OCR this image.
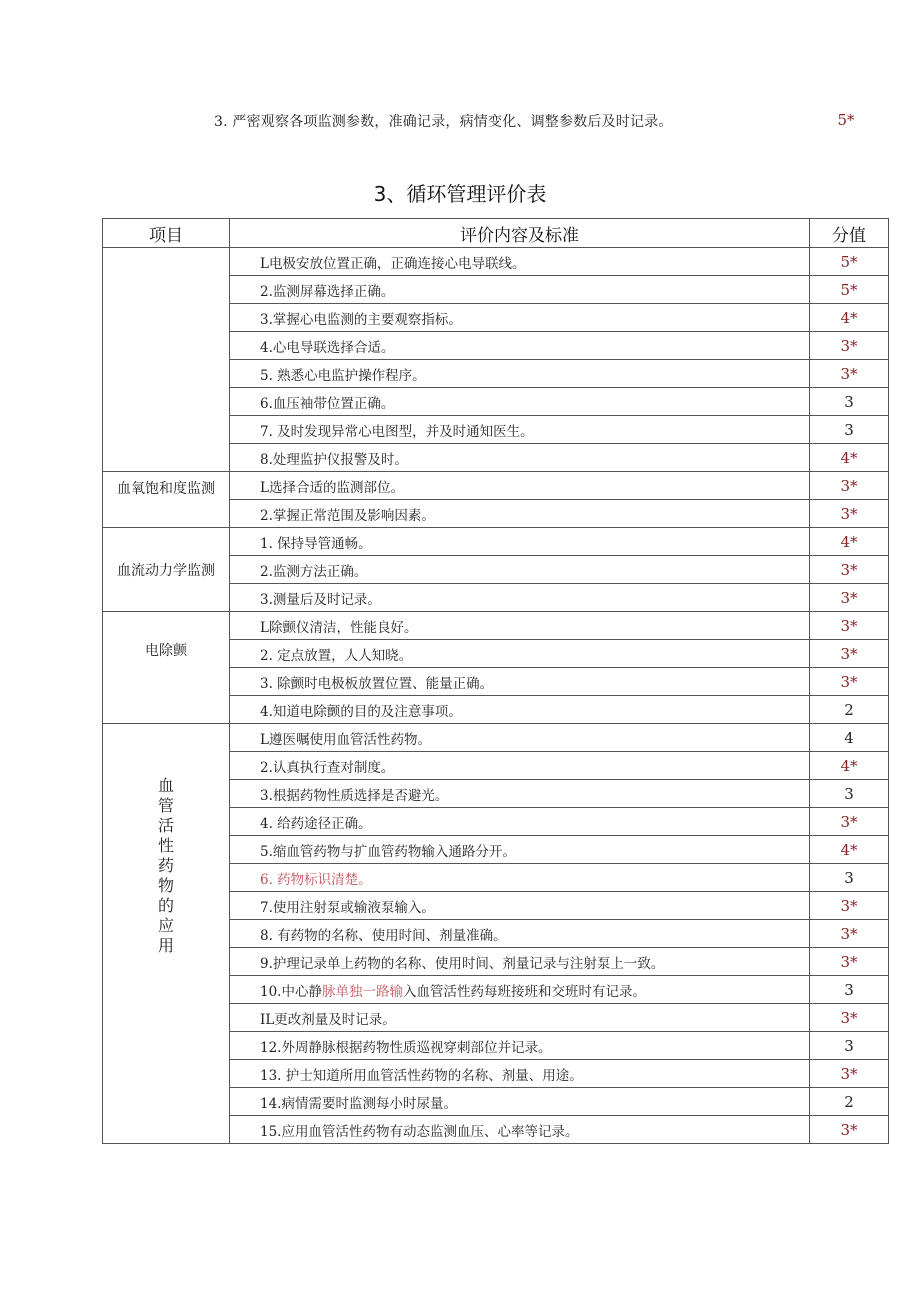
3. 严密观察各项监测参数，准确记录，病情变化、调整参数后及时记录。	5*
3、循环管理评价表
项目	评价内容及标准	分值
	L电极安放位置正确，正确连接心电导联线。	5*
	2.监测屏幕选择正确。	5*
	3.掌握心电监测的主要观察指标。	4*
	4.心电导联选择合适。	3*
	5. 熟悉心电监护操作程序。	3*
	6.血压袖带位置正确。	3
	7. 及时发现异常心电图型，并及时通知医生。	3
	8.处理监护仪报警及时。	4*
血氧饱和度监测	L选择合适的监测部位。	3*
	2.掌握正常范围及影响因素。	3*
血流动力学监测	1. 保持导管通畅。	4*
	2.监测方法正确。	3*
	3.测量后及时记录。	3*

电除颤	L除颤仪清洁，性能良好。	3*
	2. 定点放置，人人知晓。	3*
	3. 除颤时电极板放置位置、能量正确。	3*
	4.知道电除颤的目的及注意事项。	2

血管活性药物的应用	L遵医嘱使用血管活性药物。	4
	2.认真执行查对制度。	4*
	3.根据药物性质选择是否避光。	3
	4. 给药途径正确。	3*
	5.缩血管药物与扩血管药物输入通路分开。	4*
	6. 药物标识清楚。	3
	7.使用注射泵或输液泵输入。	3*
	8. 有药物的名称、使用时间、剂量准确。	3*
	9.护理记录单上药物的名称、使用时间、剂量记录与注射泵上一致。	3*
	10.中心静脉单独一路输入血管活性药每班接班和交班时有记录。	3
	IL更改剂量及时记录。	3*
	12.外周静脉根据药物性质巡视穿刺部位并记录。	3
	13. 护士知道所用血管活性药物的名称、剂量、用途。	3*
	14.病情需要时监测每小时尿量。	2
	15.应用血管活性药物有动态监测血压、心率等记录。	3*
